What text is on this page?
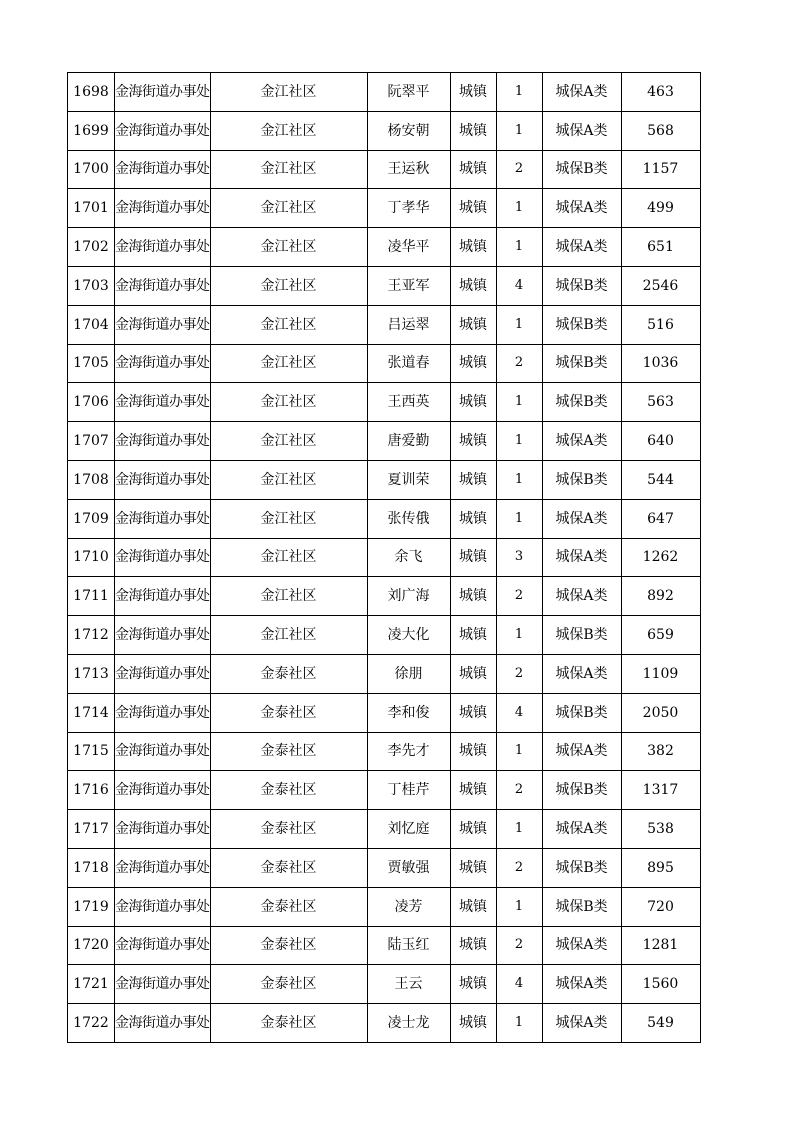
1698	金海街道办事处	金江社区	阮翠平	城镇	1	城保A类	463
1699	金海街道办事处	金江社区	杨安朝	城镇	1	城保A类	568
1700	金海街道办事处	金江社区	王运秋	城镇	2	城保B类	1157
1701	金海街道办事处	金江社区	丁孝华	城镇	1	城保A类	499
1702	金海街道办事处	金江社区	凌华平	城镇	1	城保A类	651
1703	金海街道办事处	金江社区	王亚军	城镇	4	城保B类	2546
1704	金海街道办事处	金江社区	吕运翠	城镇	1	城保B类	516
1705	金海街道办事处	金江社区	张道春	城镇	2	城保B类	1036
1706	金海街道办事处	金江社区	王西英	城镇	1	城保B类	563
1707	金海街道办事处	金江社区	唐爱勤	城镇	1	城保A类	640
1708	金海街道办事处	金江社区	夏训荣	城镇	1	城保B类	544
1709	金海街道办事处	金江社区	张传俄	城镇	1	城保A类	647
1710	金海街道办事处	金江社区	余飞	城镇	3	城保A类	1262
1711	金海街道办事处	金江社区	刘广海	城镇	2	城保A类	892
1712	金海街道办事处	金江社区	凌大化	城镇	1	城保B类	659
1713	金海街道办事处	金泰社区	徐朋	城镇	2	城保A类	1109
1714	金海街道办事处	金泰社区	李和俊	城镇	4	城保B类	2050
1715	金海街道办事处	金泰社区	李先才	城镇	1	城保A类	382
1716	金海街道办事处	金泰社区	丁桂芹	城镇	2	城保B类	1317
1717	金海街道办事处	金泰社区	刘忆庭	城镇	1	城保A类	538
1718	金海街道办事处	金泰社区	贾敏强	城镇	2	城保B类	895
1719	金海街道办事处	金泰社区	凌芳	城镇	1	城保B类	720
1720	金海街道办事处	金泰社区	陆玉红	城镇	2	城保A类	1281
1721	金海街道办事处	金泰社区	王云	城镇	4	城保A类	1560
1722	金海街道办事处	金泰社区	凌士龙	城镇	1	城保A类	549
